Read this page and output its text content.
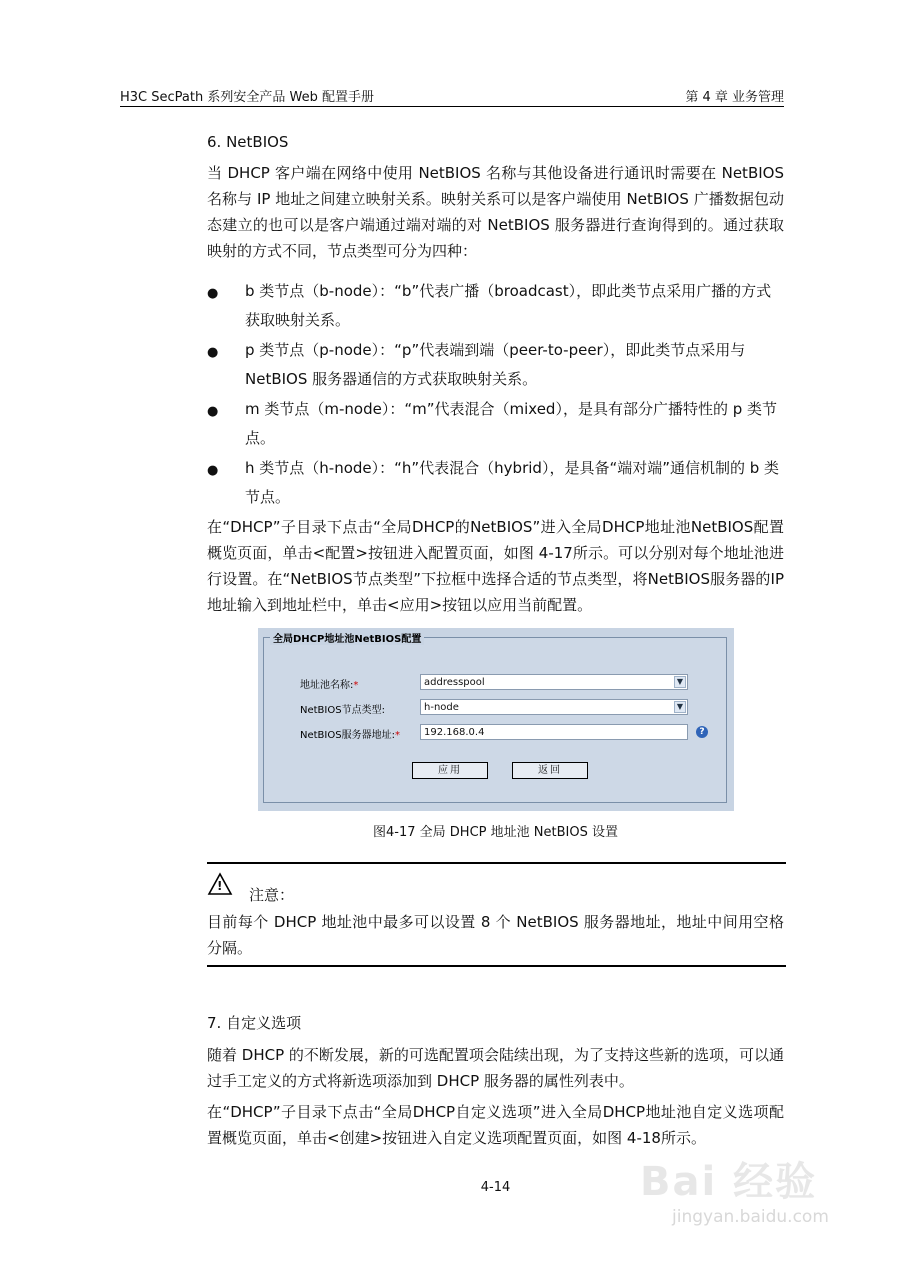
H3C SecPath 系列安全产品 Web 配置手册	第 4 章 业务管理
6. NetBIOS
当 DHCP 客户端在网络中使用 NetBIOS 名称与其他设备进行通讯时需要在 NetBIOS 名称与 IP 地址之间建立映射关系。映射关系可以是客户端使用 NetBIOS 广播数据包动态建立的也可以是客户端通过端对端的对 NetBIOS 服务器进行查询得到的。通过获取映射的方式不同，节点类型可分为四种：
● b 类节点（b-node）：“b”代表广播（broadcast），即此类节点采用广播的方式获取映射关系。
● p 类节点（p-node）：“p”代表端到端（peer-to-peer），即此类节点采用与 NetBIOS 服务器通信的方式获取映射关系。
● m 类节点（m-node）：“m”代表混合（mixed），是具有部分广播特性的 p 类节点。
● h 类节点（h-node）：“h”代表混合（hybrid），是具备“端对端”通信机制的 b 类节点。
在“DHCP”子目录下点击“全局DHCP的NetBIOS”进入全局DHCP地址池NetBIOS配置概览页面，单击<配置>按钮进入配置页面，如图 4-17所示。可以分别对每个地址池进行设置。在“NetBIOS节点类型”下拉框中选择合适的节点类型，将NetBIOS服务器的IP地址输入到地址栏中，单击<应用>按钮以应用当前配置。
全局DHCP地址池NetBIOS配置
地址池名称:*	addresspool	▼
NetBIOS节点类型:	h-node	▼
NetBIOS服务器地址:*	192.168.0.4	?
应用	返回
图4-17 全局 DHCP 地址池 NetBIOS 设置
! 注意：
目前每个 DHCP 地址池中最多可以设置 8 个 NetBIOS 服务器地址，地址中间用空格分隔。
7. 自定义选项
随着 DHCP 的不断发展，新的可选配置项会陆续出现，为了支持这些新的选项，可以通过手工定义的方式将新选项添加到 DHCP 服务器的属性列表中。
在“DHCP”子目录下点击“全局DHCP自定义选项”进入全局DHCP地址池自定义选项配置概览页面，单击<创建>按钮进入自定义选项配置页面，如图 4-18所示。
4-14	Bai 经验
jingyan.baidu.com
